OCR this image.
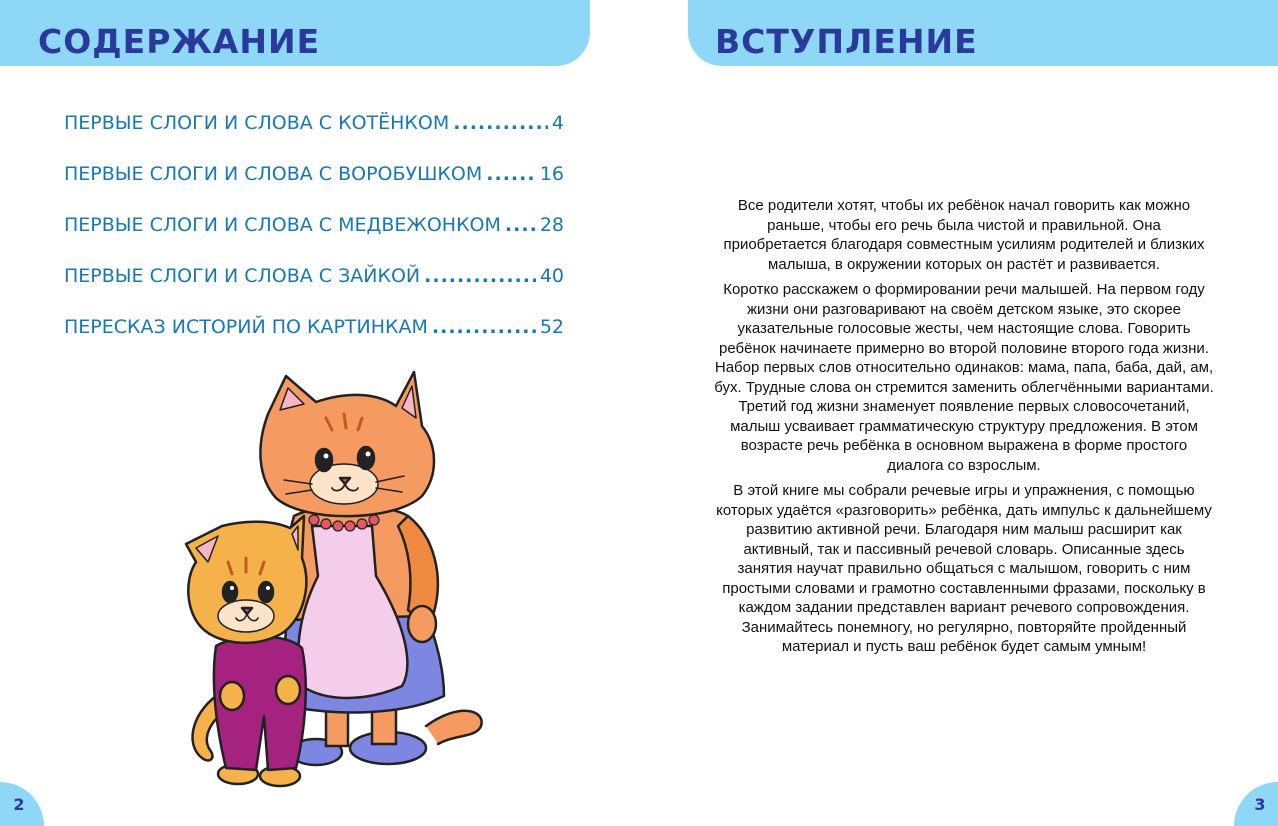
СОДЕРЖАНИЕ
ПЕРВЫЕ СЛОГИ И СЛОВА С КОТЁНКОМ .....	4
ПЕРВЫЕ СЛОГИ И СЛОВА С ВОРОБУШКОМ .....	16
ПЕРВЫЕ СЛОГИ И СЛОВА С МЕДВЕЖОНКОМ ..... 28
ПЕРВЫЕ СЛОГИ И СЛОВА С ЗАЙКОЙ .....	40
ПЕРЕСКАЗ ИСТОРИЙ ПО КАРТИНКАМ .....	52
2
ВСТУПЛЕНИЕ

Все родители хотят, чтобы их ребёнок начал говорить как можно раньше, чтобы его речь была чистой и правильной. Она приобретается благодаря совместным усилиям родителей и близких малыша, в окружении которых он растёт и развивается.

Коротко расскажем о формировании речи малышей. На первом году жизни они разговаривают на своём детском языке, это скорее указательные голосовые жесты, чем настоящие слова. Говорить ребёнок начинаете примерно во второй половине второго года жизни. Набор первых слов относительно одинаков: мама, папа, баба, дай, ам, бух. Трудные слова он стремится заменить облегчёнными вариантами. Третий год жизни знаменует появление первых словосочетаний, малыш усваивает грамматическую структуру предложения. В этом возрасте речь ребёнка в основном выражена в форме простого диалога со взрослым.

В этой книге мы собрали речевые игры и упражнения, с помощью которых удаётся «разговорить» ребёнка, дать импульс к дальнейшему развитию активной речи. Благодаря ним малыш расширит как активный, так и пассивный речевой словарь. Описанные здесь занятия научат правильно общаться с малышом, говорить с ним простыми словами и грамотно составленными фразами, поскольку в каждом задании представлен вариант речевого сопровождения. Занимайтесь понемногу, но регулярно, повторяйте пройденный материал и пусть ваш ребёнок будет самым умным!

3
